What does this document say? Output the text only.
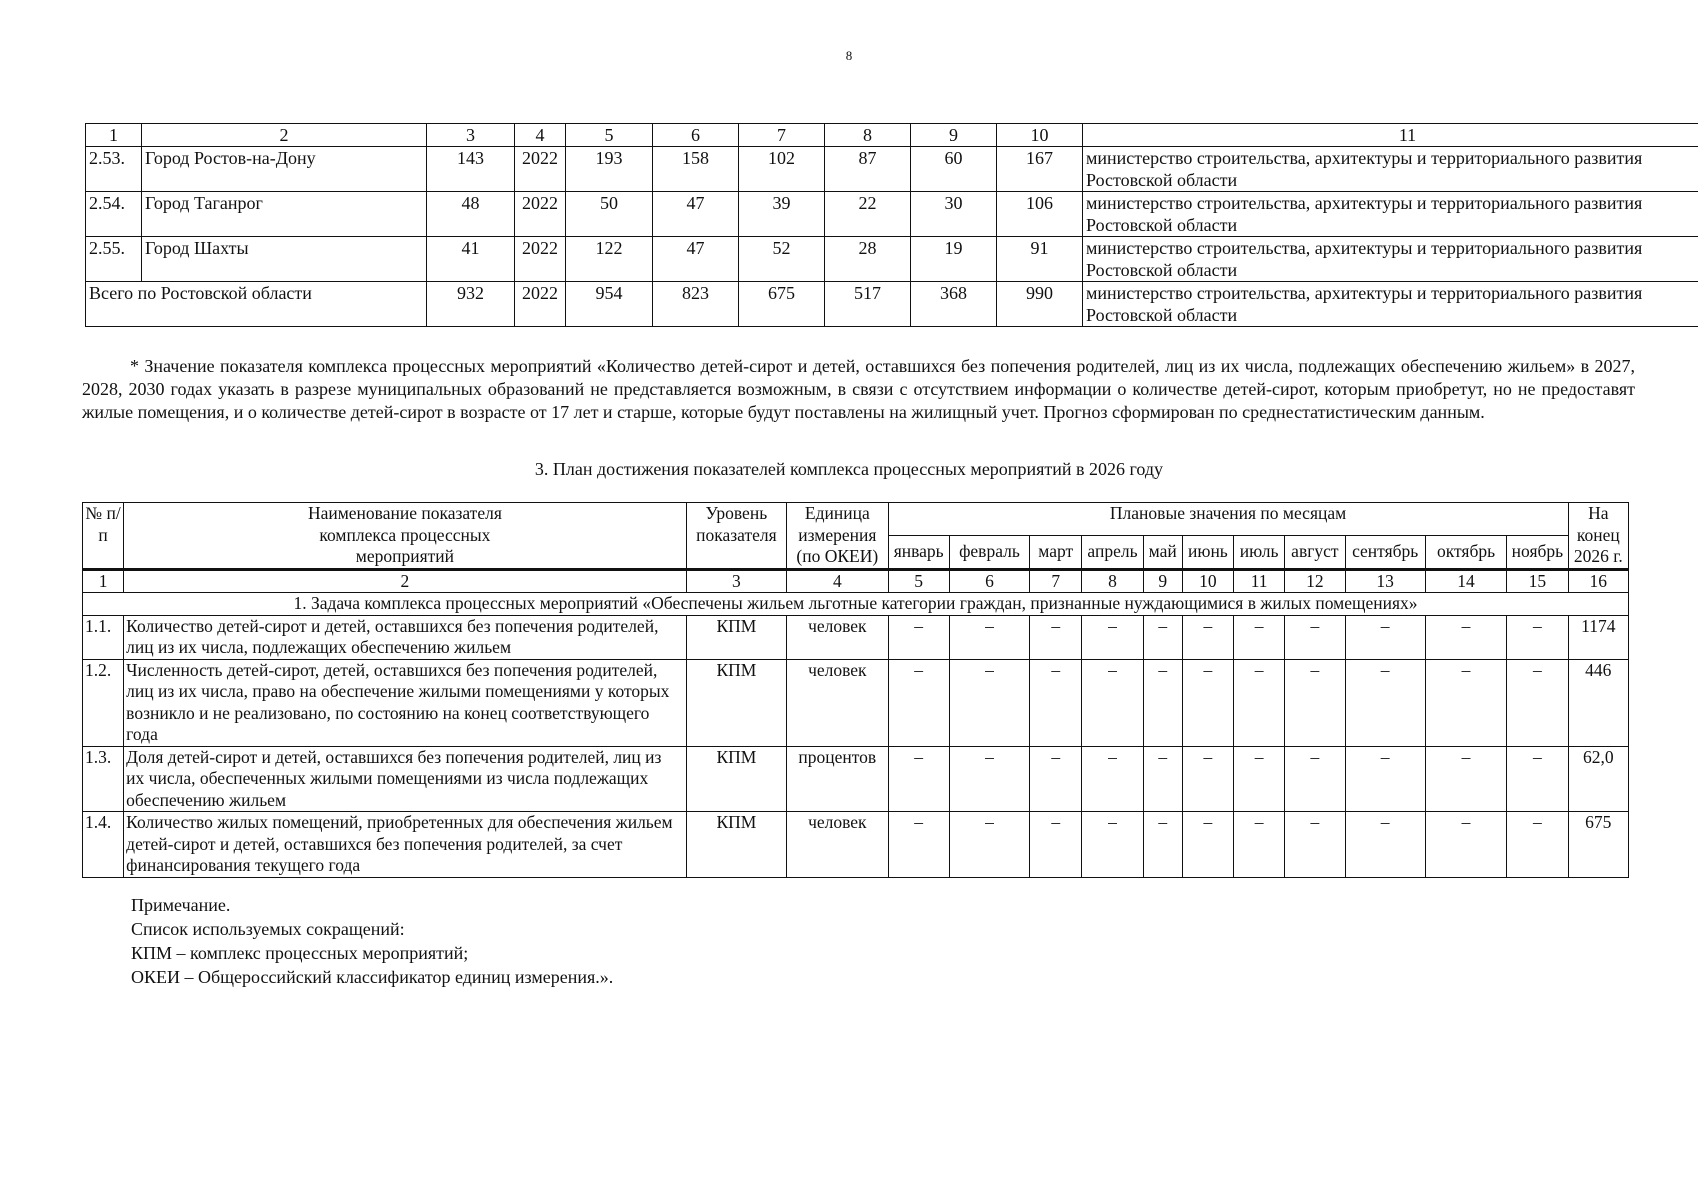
8
1	2	3	4	5	6	7	8	9	10	11
2.53.	Город Ростов-на-Дону	143	2022	193	158	102	87	60	167	министерство строительства, архитектуры и территориального развития Ростовской области
2.54.	Город Таганрог	48	2022	50	47	39	22	30	106	министерство строительства, архитектуры и территориального развития Ростовской области
2.55.	Город Шахты	41	2022	122	47	52	28	19	91	министерство строительства, архитектуры и территориального развития Ростовской области
Всего по Ростовской области		932	2022	954	823	675	517	368	990	министерство строительства, архитектуры и территориального развития Ростовской области

* Значение показателя комплекса процессных мероприятий «Количество детей-сирот и детей, оставшихся без попечения родителей, лиц из их числа, подлежащих обеспечению жильем» в 2027, 2028, 2030 годах указать в разрезе муниципальных образований не представляется возможным, в связи с отсутствием информации о количестве детей-сирот, которым приобретут, но не предоставят жилые помещения, и о количестве детей-сирот в возрасте от 17 лет и старше, которые будут поставлены на жилищный учет. Прогноз сформирован по среднестатистическим данным.

3. План достижения показателей комплекса процессных мероприятий в 2026 году
№ п/п	Наименование показателя комплекса процессных мероприятий	Уровень показателя	Единица измерения (по ОКЕИ)	Плановые значения по месяцам											На конец 2026 г.
				январь	февраль	март	апрель	май	июнь	июль	август	сентябрь	октябрь	ноябрь	
1	2	3	4	5	6	7	8	9	10	11	12	13	14	15	16
1. Задача комплекса процессных мероприятий «Обеспечены жильем льготные категории граждан, признанные нуждающимися в жилых помещениях»															
1.1.	Количество детей-сирот и детей, оставшихся без попечения родителей, лиц из их числа, подлежащих обеспечению жильем	КПМ	человек	–	–	–	–	–	–	–	–	–	–	–	1174
1.2.	Численность детей-сирот, детей, оставшихся без попечения родителей, лиц из их числа, право на обеспечение жилыми помещениями у которых возникло и не реализовано, по состоянию на конец соответствующего года	КПМ	человек	–	–	–	–	–	–	–	–	–	–	–	446
1.3.	Доля детей-сирот и детей, оставшихся без попечения родителей, лиц из их числа, обеспеченных жилыми помещениями из числа подлежащих обеспечению жильем	КПМ	процентов	–	–	–	–	–	–	–	–	–	–	–	62,0
1.4.	Количество жилых помещений, приобретенных для обеспечения жильем детей-сирот и детей, оставшихся без попечения родителей, за счет финансирования текущего года	КПМ	человек	–	–	–	–	–	–	–	–	–	–	–	675
Примечание.
Список используемых сокращений:
КПМ – комплекс процессных мероприятий;
ОКЕИ – Общероссийский классификатор единиц измерения.».
